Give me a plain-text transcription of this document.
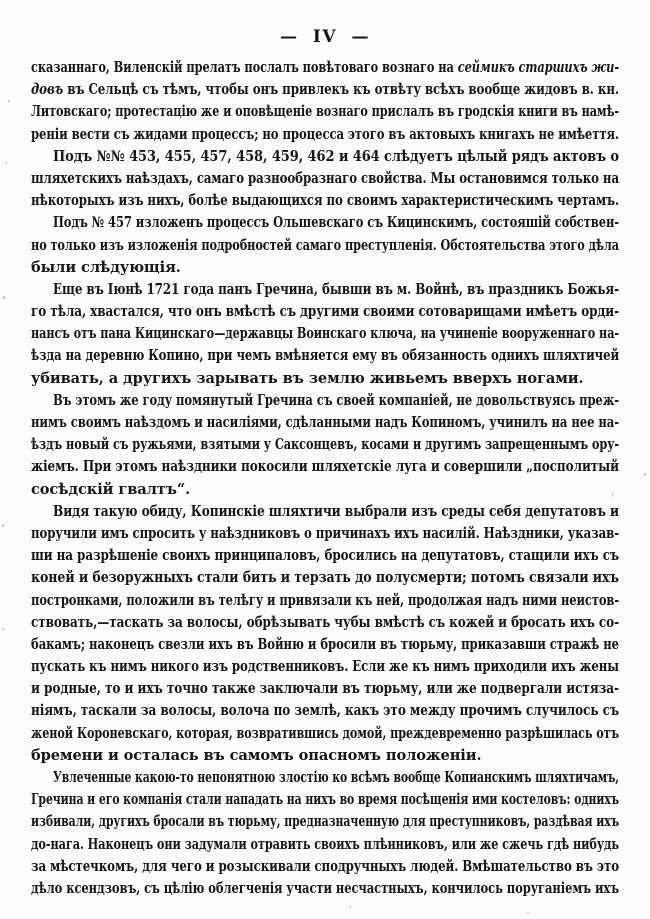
— IV —
сказаннаго, Виленскій прелатъ послалъ повѣтоваго вознаго на сеймикъ старшихъ жи-
довъ въ Сельцѣ съ тѣмъ, чтобы онъ привлекъ къ отвѣту всѣхъ вообще жидовъ в. кн.
Литовскаго; протестацію же и оповѣщеніе вознаго прислалъ въ гродскія книги въ намѣ-
реніи вести съ жидами процессъ; но процесса этого въ актовыхъ книгахъ не имѣеття.
Подъ №№ 453, 455, 457, 458, 459, 462 и 464 слѣдуетъ цѣлый рядъ актовъ о
шляхетскихъ наѣздахъ, самаго разнообразнаго свойства. Мы остановимся только на
нѣкоторыхъ изъ нихъ, болѣе выдающихся по своимъ характеристическимъ чертамъ.
Подъ № 457 изложенъ процессъ Ольшевскаго съ Кицинскимъ, состояшій собствен-
но только изъ изложенія подробностей самаго преступленія. Обстоятельства этого дѣла
были слѣдующія.
Еще въ Іюнѣ 1721 года панъ Гречина, бывши въ м. Войнѣ, въ праздникъ Божья-
го тѣла, хвастался, что онъ вмѣстѣ съ другими своими сотоварищами имѣетъ орди-
нансъ отъ пана Кицинскаго—державцы Воинскаго ключа, на учиненіе вооруженнаго на-
ѣзда на деревню Копино, при чемъ вмѣняется ему въ обязанность однихъ шляхтичей
убивать, а другихъ зарывать въ землю живьемъ вверхъ ногами.
Въ этомъ же году помянутый Гречина съ своей компаніей, не довольствуясь преж-
нимъ своимъ наѣздомъ и насиліями, сдѣланными надъ Копиномъ, учинилъ на нее на-
ѣздъ новый съ ружьями, взятыми у Саксонцевъ, косами и другимъ запрещеннымъ ору-
жіемъ. При этомъ наѣздники покосили шляхетскіе луга и совершили „посполитый
сосѣдскій гвалтъ“.
Видя такую обиду, Копинскіе шляхтичи выбрали изъ среды себя депутатовъ и
поручили имъ спросить у наѣздниковъ о причинахъ ихъ насилій. Наѣздники, указав-
ши на разрѣшеніе своихъ принципаловъ, бросились на депутатовъ, стащили ихъ съ
коней и безоружныхъ стали бить и терзать до полусмерти; потомъ связали ихъ
постронками, положили въ телѣгу и привязали къ ней, продолжая надъ ними неистов-
ствовать,—таскать за волосы, обрѣзывать чубы вмѣстѣ съ кожей и бросать ихъ со-
бакамъ; наконецъ свезли ихъ въ Войню и бросили въ тюрьму, приказавши стражѣ не
пускать къ нимъ никого изъ родственниковъ. Если же къ нимъ приходили ихъ жены
и родные, то и ихъ точно также заключали въ тюрьму, или же подвергали истяза-
ніямъ, таскали за волосы, волоча по землѣ, какъ это между прочимъ случилось съ
женой Короневскаго, которая, возвратившись домой, преждевременно разрѣшилась отъ
бремени и осталась въ самомъ опасномъ положеніи.
Увлеченные какою-то непонятною злостію ко всѣмъ вообще Копианскимъ шляхтичамъ,
Гречина и его компанія стали нападать на нихъ во время посѣщенія ими костеловъ: однихъ
избивали, другихъ бросали въ тюрьму, предназначенную для преступниковъ, раздѣвая ихъ
до-нага. Наконецъ они задумали отравить своихъ плѣнниковъ, или же сжечь гдѣ нибудь
за мѣстечкомъ, для чего и розыскивали сподручныхъ людей. Вмѣшательство въ это
дѣло ксендзовъ, съ цѣлію облегченія участи несчастныхъ, кончилось поруганіемъ ихъ
